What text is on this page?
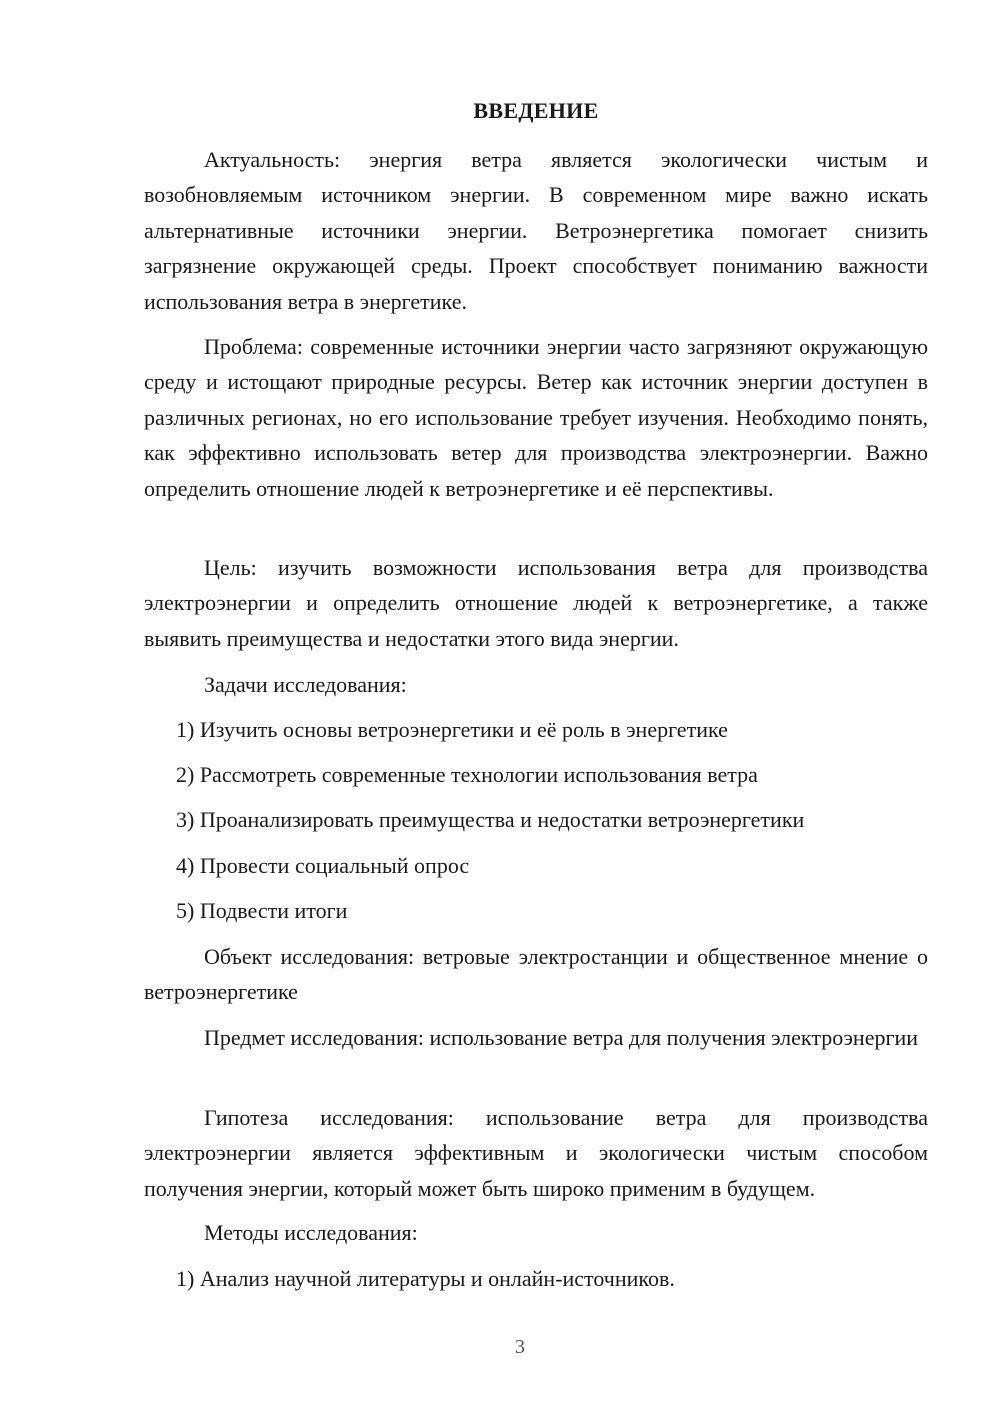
ВВЕДЕНИЕ

Актуальность: энергия ветра является экологически чистым и возобновляемым источником энергии. В современном мире важно искать альтернативные источники энергии. Ветроэнергетика помогает снизить загрязнение окружающей среды. Проект способствует пониманию важности использования ветра в энергетике.

Проблема: современные источники энергии часто загрязняют окружающую среду и истощают природные ресурсы. Ветер как источник энергии доступен в различных регионах, но его использование требует изучения. Необходимо понять, как эффективно использовать ветер для производства электроэнергии. Важно определить отношение людей к ветроэнергетике и её перспективы.

Цель: изучить возможности использования ветра для производства электроэнергии и определить отношение людей к ветроэнергетике, а также выявить преимущества и недостатки этого вида энергии.

Задачи исследования:

1) Изучить основы ветроэнергетики и её роль в энергетике

2) Рассмотреть современные технологии использования ветра

3) Проанализировать преимущества и недостатки ветроэнергетики

4) Провести социальный опрос

5) Подвести итоги

Объект исследования: ветровые электростанции и общественное мнение о ветроэнергетике

Предмет исследования: использование ветра для получения электроэнергии

Гипотеза исследования: использование ветра для производства электроэнергии является эффективным и экологически чистым способом получения энергии, который может быть широко применим в будущем.

Методы исследования:

1) Анализ научной литературы и онлайн-источников.

3
